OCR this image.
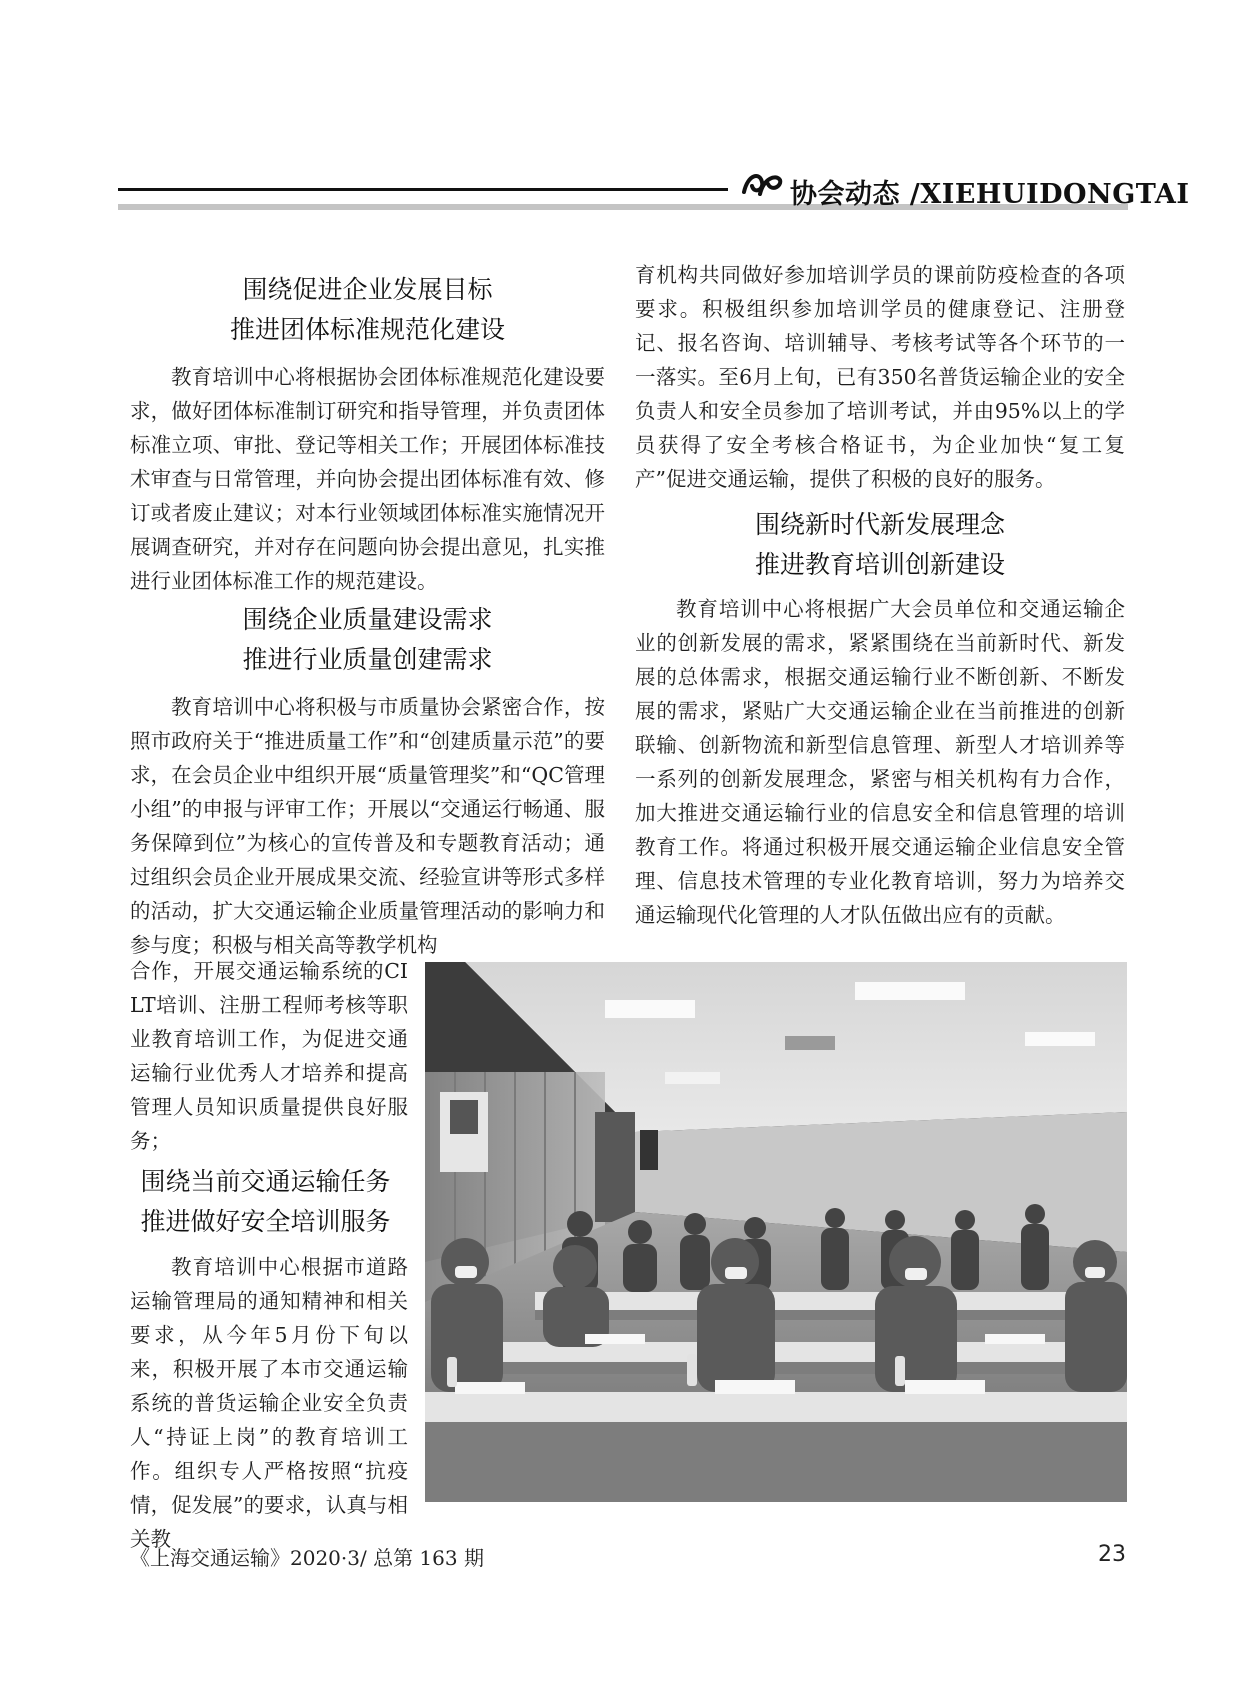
协会动态 /XIEHUIDONGTAI

围绕促进企业发展目标

推进团体标准规范化建设

教育培训中心将根据协会团体标准规范化建设要求，做好团体标准制订研究和指导管理，并负责团体标准立项、审批、登记等相关工作；开展团体标准技术审查与日常管理，并向协会提出团体标准有效、修订或者废止建议；对本行业领域团体标准实施情况开展调查研究，并对存在问题向协会提出意见，扎实推进行业团体标准工作的规范建设。

围绕企业质量建设需求

推进行业质量创建需求

教育培训中心将积极与市质量协会紧密合作，按照市政府关于“推进质量工作”和“创建质量示范”的要求，在会员企业中组织开展“质量管理奖”和“QC管理小组”的申报与评审工作；开展以“交通运行畅通、服务保障到位”为核心的宣传普及和专题教育活动；通过组织会员企业开展成果交流、经验宣讲等形式多样的活动，扩大交通运输企业质量管理活动的影响力和参与度；积极与相关高等教学机构

合作，开展交通运输系统的CILT培训、注册工程师考核等职业教育培训工作，为促进交通运输行业优秀人才培养和提高管理人员知识质量提供良好服务；

围绕当前交通运输任务

推进做好安全培训服务

教育培训中心根据市道路运输管理局的通知精神和相关要求，从今年5月份下旬以来，积极开展了本市交通运输系统的普货运输企业安全负责人“持证上岗”的教育培训工作。组织专人严格按照“抗疫情，促发展”的要求，认真与相关教

育机构共同做好参加培训学员的课前防疫检查的各项要求。积极组织参加培训学员的健康登记、注册登记、报名咨询、培训辅导、考核考试等各个环节的一一落实。至6月上旬，已有350名普货运输企业的安全负责人和安全员参加了培训考试，并由95%以上的学员获得了安全考核合格证书，为企业加快“复工复产”促进交通运输，提供了积极的良好的服务。

围绕新时代新发展理念

推进教育培训创新建设

教育培训中心将根据广大会员单位和交通运输企业的创新发展的需求，紧紧围绕在当前新时代、新发展的总体需求，根据交通运输行业不断创新、不断发展的需求，紧贴广大交通运输企业在当前推进的创新联输、创新物流和新型信息管理、新型人才培训养等一系列的创新发展理念，紧密与相关机构有力合作，加大推进交通运输行业的信息安全和信息管理的培训教育工作。将通过积极开展交通运输企业信息安全管理、信息技术管理的专业化教育培训，努力为培养交通运输现代化管理的人才队伍做出应有的贡献。

《上海交通运输》2020·3/ 总第 163 期	23
